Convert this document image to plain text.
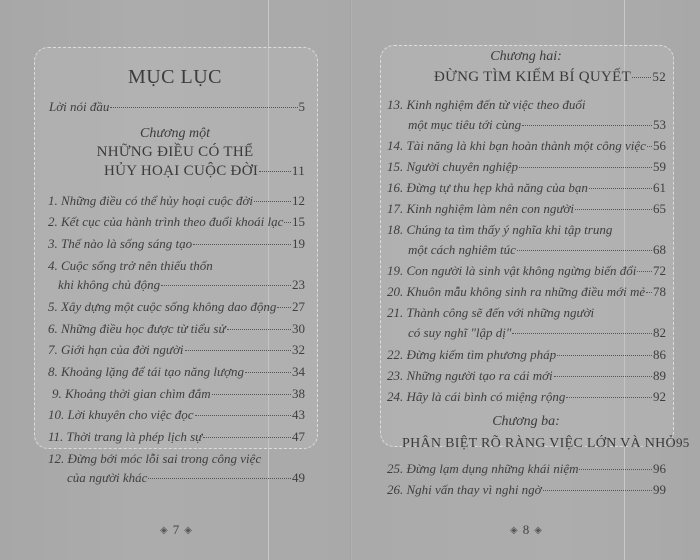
MỤC LỤC
Lời nói đầu	5
Chương một
NHỮNG ĐIỀU CÓ THỂ
HỦY HOẠI CUỘC ĐỜI	11
1. Những điều có thể hủy hoại cuộc đời	12
2. Kết cục của hành trình theo đuổi khoái lạc 15
3. Thế nào là sống sáng tạo	19
4. Cuộc sống trở nên thiếu thốn
khi không chủ động	23
5. Xây dựng một cuộc sống không dao động 27
6. Những điều học được từ tiểu sử	30
7. Giới hạn của đời người	32
8. Khoảng lặng để tái tạo năng lượng	34
9. Khoảng thời gian chìm đắm	38
10. Lời khuyên cho việc đọc	43
11. Thời trang là phép lịch sự	47
12. Đừng bới móc lỗi sai trong công việc
của người khác	49
◈ 7 ◈
Chương hai:
ĐỪNG TÌM KIẾM BÍ QUYẾT 52
13. Kinh nghiệm đến từ việc theo đuổi
một mục tiêu tới cùng	53
14. Tài năng là khi bạn hoàn thành một công việc 56
15. Người chuyên nghiệp	59
16. Đừng tự thu hẹp khả năng của bạn	61
17. Kinh nghiệm làm nên con người	65
18. Chúng ta tìm thấy ý nghĩa khi tập trung
một cách nghiêm túc	68
19. Con người là sinh vật không ngừng biến đổi 72
20. Khuôn mẫu không sinh ra những điều mới mẻ 78
21. Thành công sẽ đến với những người
có suy nghĩ "lập dị"	82
22. Đừng kiếm tìm phương pháp	86
23. Những người tạo ra cái mới	89
24. Hãy là cái bình có miệng rộng	92
Chương ba:
PHÂN BIỆT RÕ RÀNG VIỆC LỚN VÀ NHỎ 95
25. Đừng lạm dụng những khái niệm	96
26. Nghi vấn thay vì nghi ngờ	99
◈ 8 ◈
